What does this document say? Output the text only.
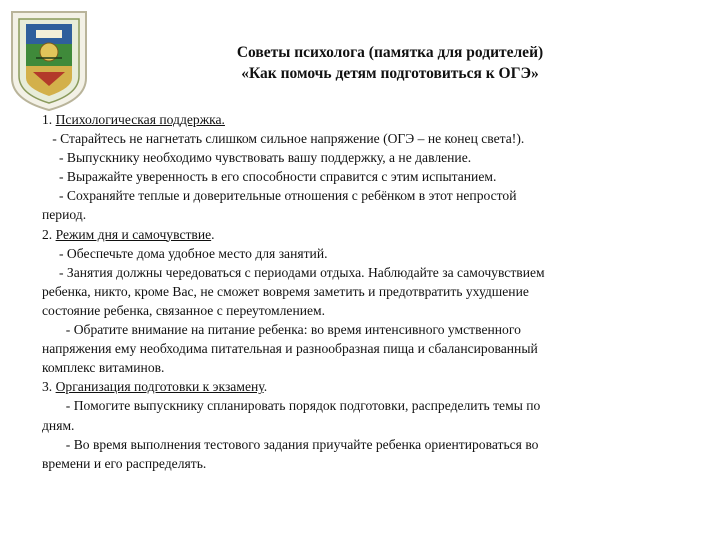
Советы психолога (памятка для родителей)
«Как помочь детям подготовиться к ОГЭ»
1. Психологическая поддержка.
- Старайтесь не нагнетать слишком сильное напряжение (ОГЭ – не конец света!).
- Выпускнику необходимо чувствовать вашу поддержку, а не давление.
- Выражайте уверенность в его способности справится с этим испытанием.
- Сохраняйте теплые и доверительные отношения с ребёнком в этот непростой
период.
2. Режим дня и самочувствие.
- Обеспечьте дома удобное место для занятий.
- Занятия должны чередоваться с периодами отдыха. Наблюдайте за самочувствием
ребенка, никто, кроме Вас, не сможет вовремя заметить и предотвратить ухудшение
состояние ребенка, связанное с переутомлением.
- Обратите внимание на питание ребенка: во время интенсивного умственного
напряжения ему необходима питательная и разнообразная пища и сбалансированный
комплекс витаминов.
3. Организация подготовки к экзамену.
- Помогите выпускнику спланировать порядок подготовки, распределить темы по
дням.
- Во время выполнения тестового задания приучайте ребенка ориентироваться во
времени и его распределять.
